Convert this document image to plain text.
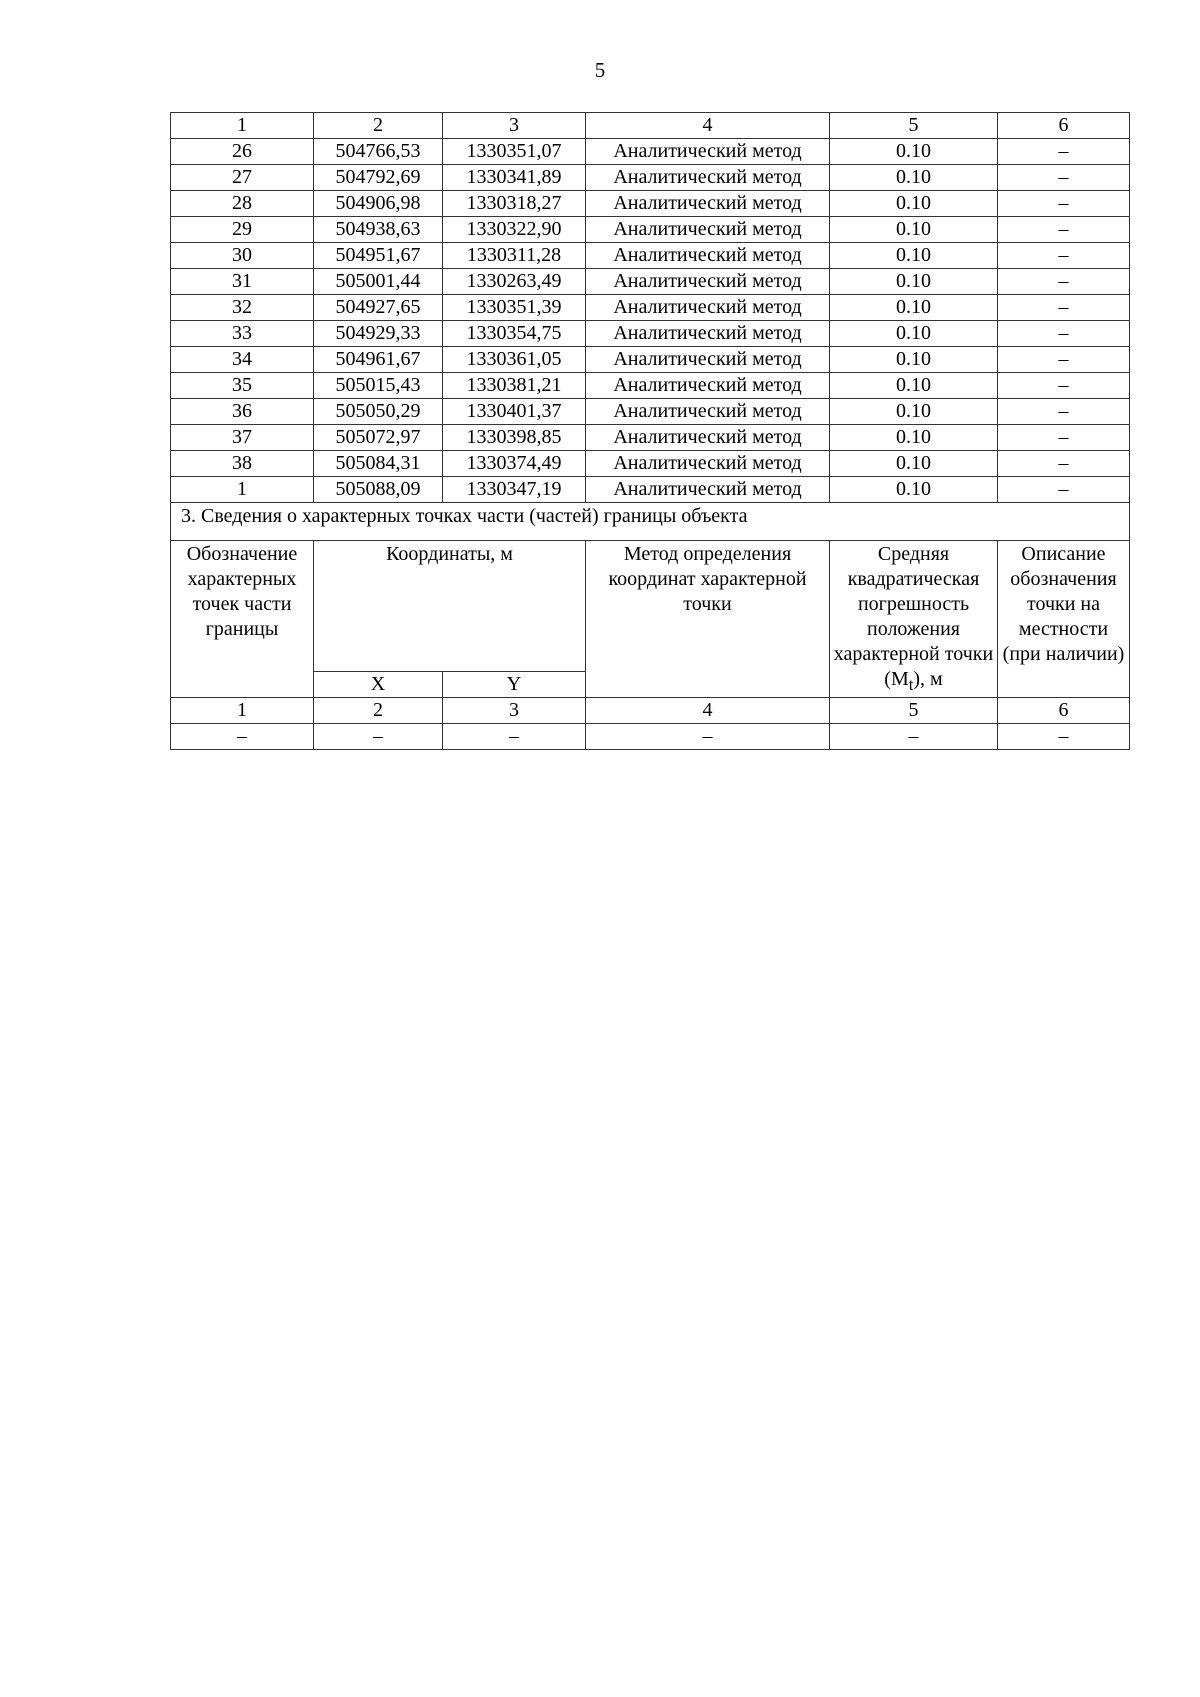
5
1	2	3	4	5	6
26	504766,53	1330351,07	Аналитический метод	0.10	–
27	504792,69	1330341,89	Аналитический метод	0.10	–
28	504906,98	1330318,27	Аналитический метод	0.10	–
29	504938,63	1330322,90	Аналитический метод	0.10	–
30	504951,67	1330311,28	Аналитический метод	0.10	–
31	505001,44	1330263,49	Аналитический метод	0.10	–
32	504927,65	1330351,39	Аналитический метод	0.10	–
33	504929,33	1330354,75	Аналитический метод	0.10	–
34	504961,67	1330361,05	Аналитический метод	0.10	–
35	505015,43	1330381,21	Аналитический метод	0.10	–
36	505050,29	1330401,37	Аналитический метод	0.10	–
37	505072,97	1330398,85	Аналитический метод	0.10	–
38	505084,31	1330374,49	Аналитический метод	0.10	–
1	505088,09	1330347,19	Аналитический метод	0.10	–
3. Сведения о характерных точках части (частей) границы объекта					
Обозначение характерных точек части границы	Координаты, м		Метод определения координат характерной точки	Средняя квадратическая погрешность положения характерной точки $(M_t)$, м	Описание обозначения точки на местности (при наличии)
	X	Y			
1	2	3	4	5	6
–	–	–	–	–	–
